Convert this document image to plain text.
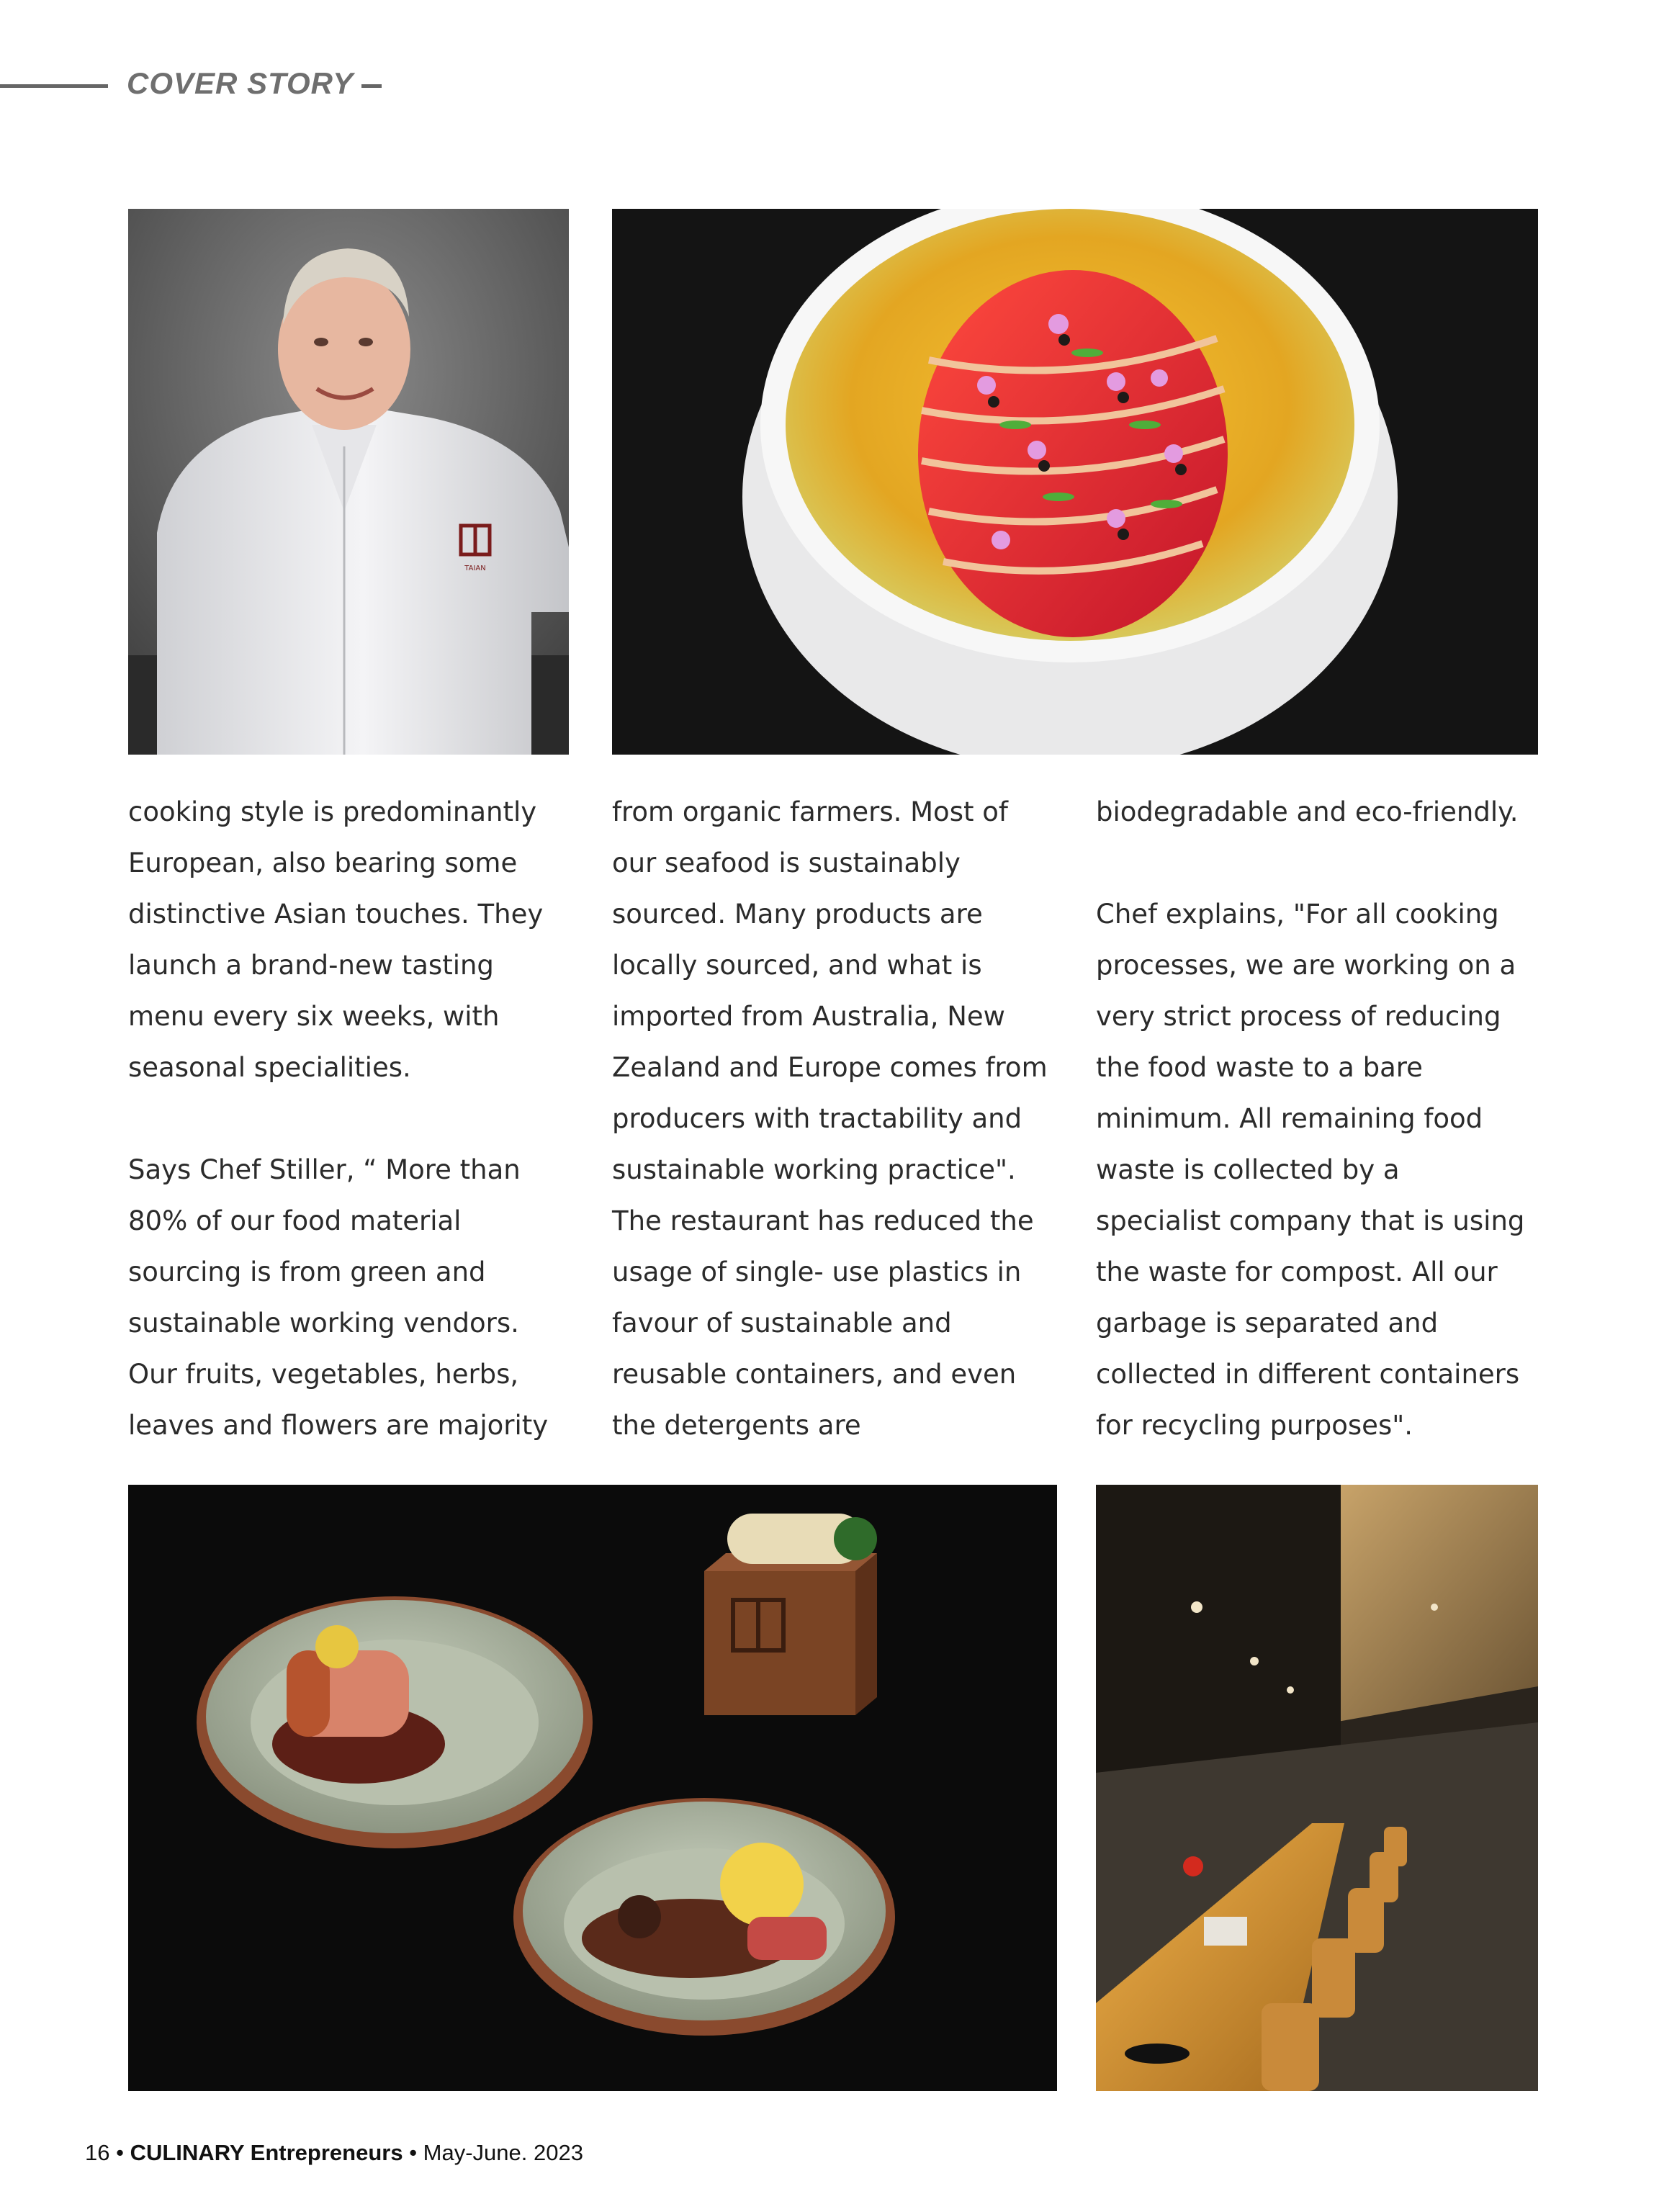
COVER STORY
TAIAN

cooking style is predominantly

European, also bearing some

distinctive Asian touches. They

launch a brand-new tasting

menu every six weeks, with

seasonal specialities.

Says Chef Stiller, “ More than

80% of our food material

sourcing is from green and

sustainable working vendors.

Our fruits, vegetables, herbs,

leaves and flowers are majority

from organic farmers. Most of

our seafood is sustainably

sourced. Many products are

locally sourced, and what is

imported from Australia, New

Zealand and Europe comes from

producers with tractability and

sustainable working practice".

The restaurant has reduced the

usage of single- use plastics in

favour of sustainable and

reusable containers, and even

the detergents are

biodegradable and eco-friendly.

Chef explains, "For all cooking

processes, we are working on a

very strict process of reducing

the food waste to a bare

minimum. All remaining food

waste is collected by a

specialist company that is using

the waste for compost. All our

garbage is separated and

collected in different containers

for recycling purposes".

16 • CULINARY Entrepreneurs • May-June. 2023
